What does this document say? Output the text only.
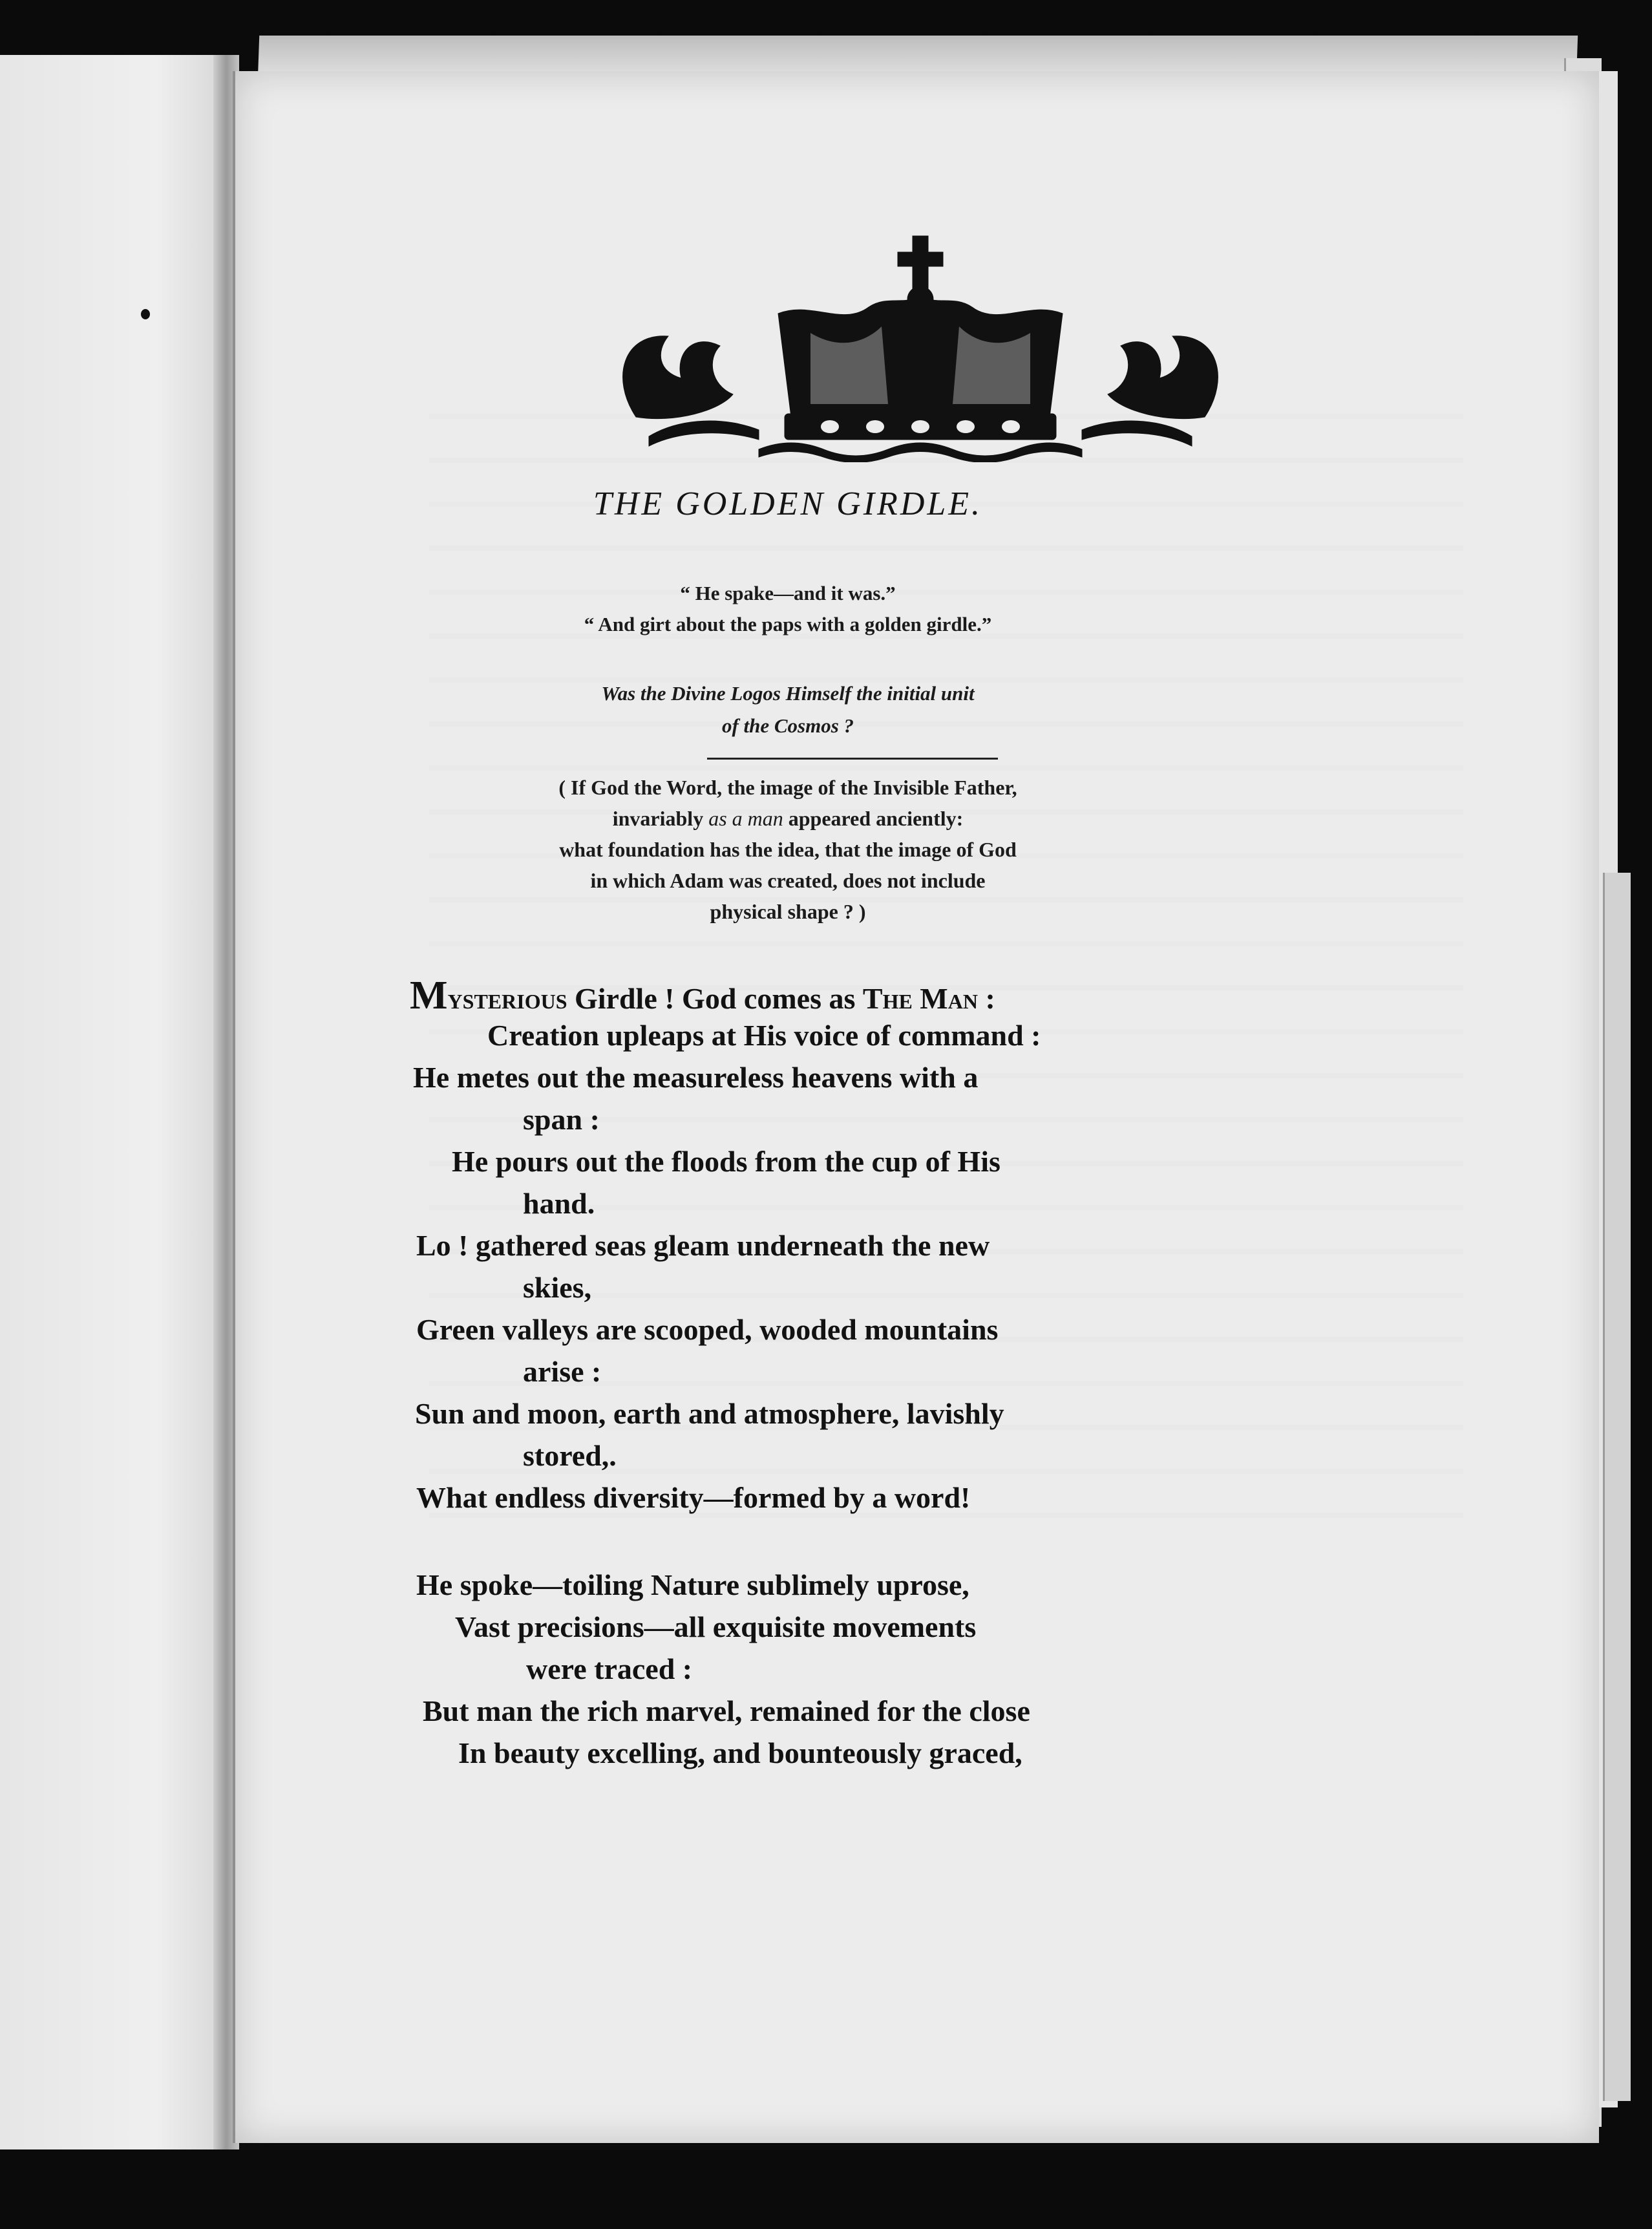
THE GOLDEN GIRDLE.
“ He spake—and it was.”
“ And girt about the paps with a golden girdle.”
Was the Divine Logos Himself the initial unit
of the Cosmos ?
( If God the Word, the image of the Invisible Father,
invariably as a man appeared anciently:
what foundation has the idea, that the image of God
in which Adam was created, does not include
physical shape ? )
Mysterious Girdle ! God comes as The Man :
Creation upleaps at His voice of command :
He metes out the measureless heavens with a
span :
He pours out the floods from the cup of His
hand.
Lo ! gathered seas gleam underneath the new
skies,
Green valleys are scooped, wooded mountains
arise :
Sun and moon, earth and atmosphere, lavishly
stored,.
What endless diversity—formed by a word!
He spoke—toiling Nature sublimely uprose,
Vast precisions—all exquisite movements
were traced :
But man the rich marvel, remained for the close
In beauty excelling, and bounteously graced,
